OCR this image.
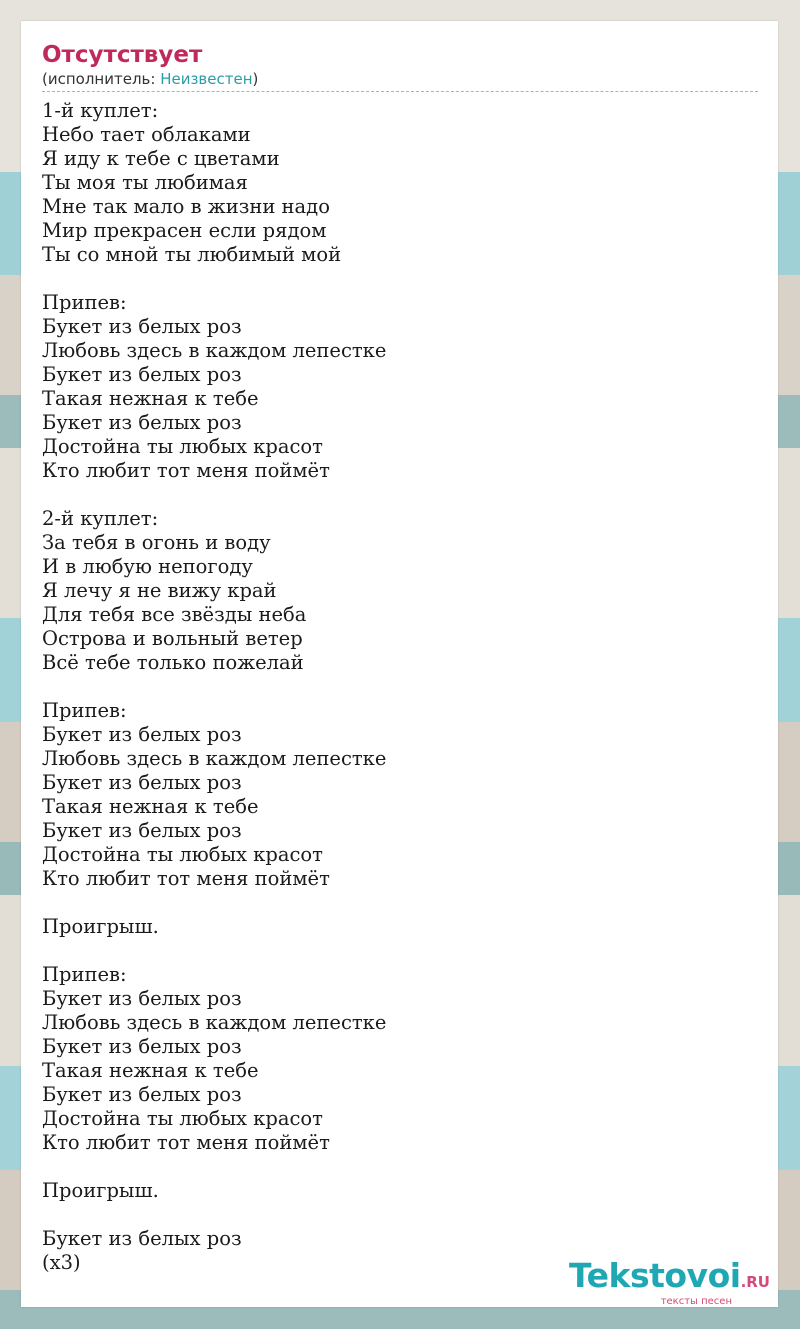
Отсутствует
(исполнитель: Неизвестен)
1-й куплет:
Небо тает облаками
Я иду к тебе с цветами
Ты моя ты любимая
Мне так мало в жизни надо
Мир прекрасен если рядом
Ты со мной ты любимый мой

Припев:
Букет из белых роз
Любовь здесь в каждом лепестке
Букет из белых роз
Такая нежная к тебе
Букет из белых роз
Достойна ты любых красот
Кто любит тот меня поймёт

2-й куплет:
За тебя в огонь и воду
И в любую непогоду
Я лечу я не вижу край
Для тебя все звёзды неба
Острова и вольный ветер
Всё тебе только пожелай

Припев:
Букет из белых роз
Любовь здесь в каждом лепестке
Букет из белых роз
Такая нежная к тебе
Букет из белых роз
Достойна ты любых красот
Кто любит тот меня поймёт

Проигрыш.

Припев:
Букет из белых роз
Любовь здесь в каждом лепестке
Букет из белых роз
Такая нежная к тебе
Букет из белых роз
Достойна ты любых красот
Кто любит тот меня поймёт

Проигрыш.

Букет из белых роз
(x3)	Tekstovoi.RU
тексты песен
